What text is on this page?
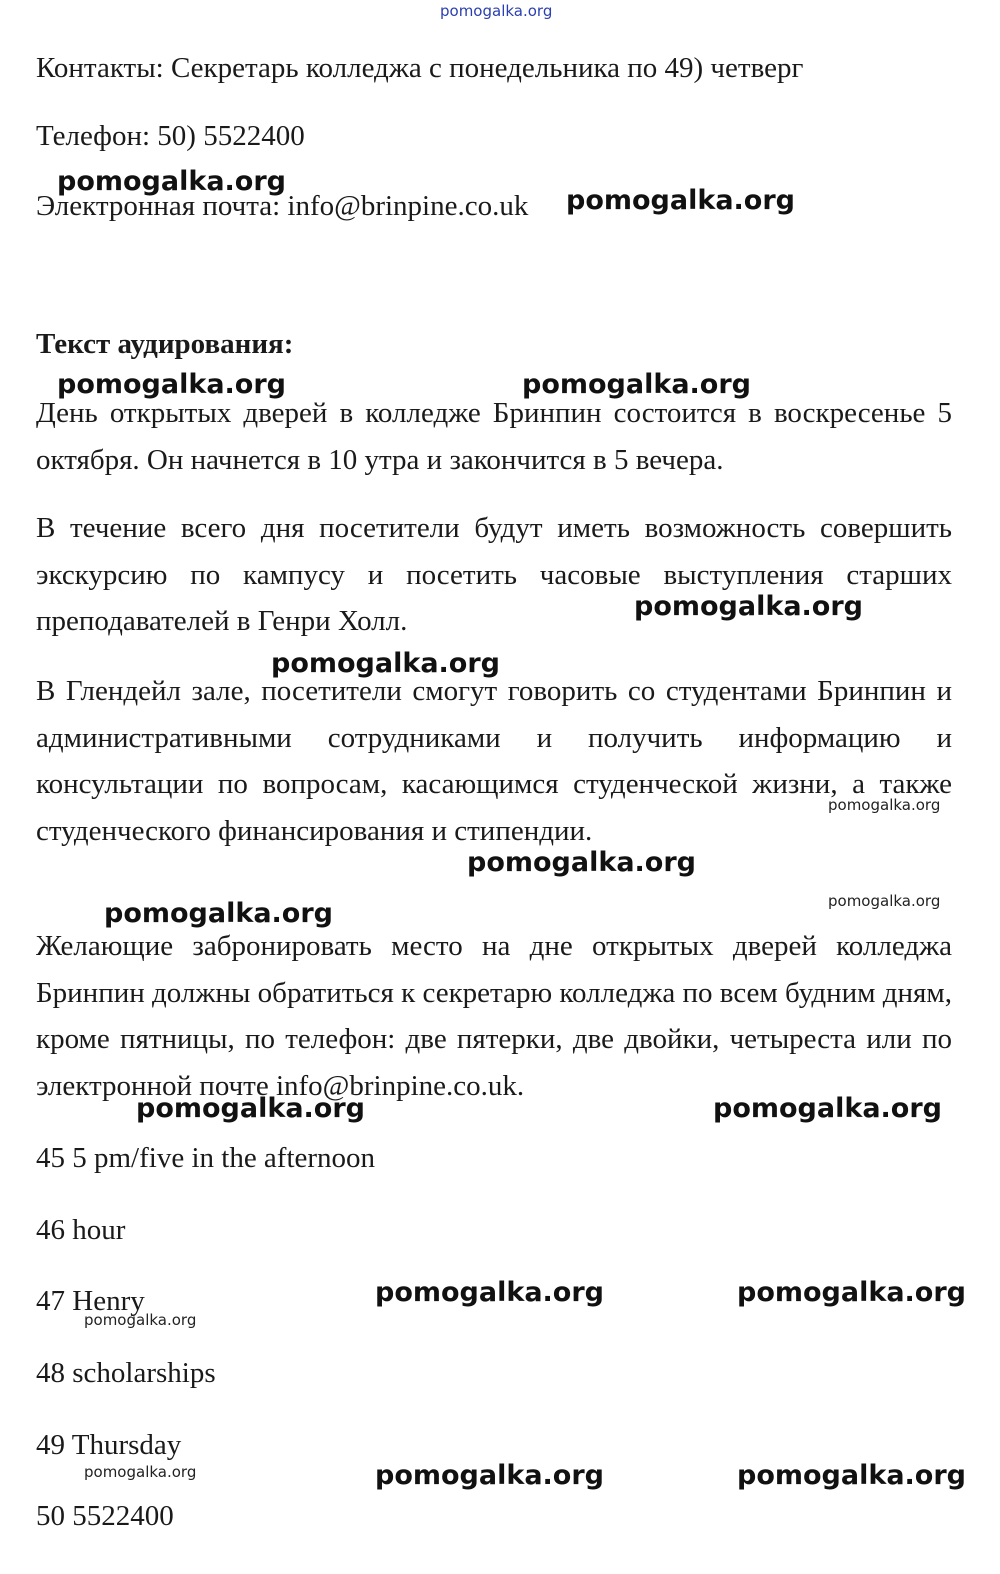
pomogalka.org
Контакты: Секретарь колледжа с понедельника по 49) четверг
Телефон: 50) 5522400
Электронная почта: info@brinpine.co.uk
Текст аудирования:
День открытых дверей в колледже Бринпин состоится в воскресенье 5 октября. Он начнется в 10 утра и закончится в 5 вечера.
В течение всего дня посетители будут иметь возможность совершить экскурсию по кампусу и посетить часовые выступления старших преподавателей в Генри Холл.
В Глендейл зале, посетители смогут говорить со студентами Бринпин и административными сотрудниками и получить информацию и консультации по вопросам, касающимся студенческой жизни, а также студенческого финансирования и стипендии.
Желающие забронировать место на дне открытых дверей колледжа Бринпин должны обратиться к секретарю колледжа по всем будним дням, кроме пятницы, по телефон: две пятерки, две двойки, четыреста или по электронной почте info@brinpine.co.uk.
45 5 pm/five in the afternoon
46 hour
47 Henry
48 scholarships
49 Thursday
50 5522400
pomogalka.org
pomogalka.org
pomogalka.org	pomogalka.org
pomogalka.org
pomogalka.org
pomogalka.org
pomogalka.org
pomogalka.org	pomogalka.org
pomogalka.org	pomogalka.org
pomogalka.org	pomogalka.org
pomogalka.org
pomogalka.org
pomogalka.org
pomogalka.org
